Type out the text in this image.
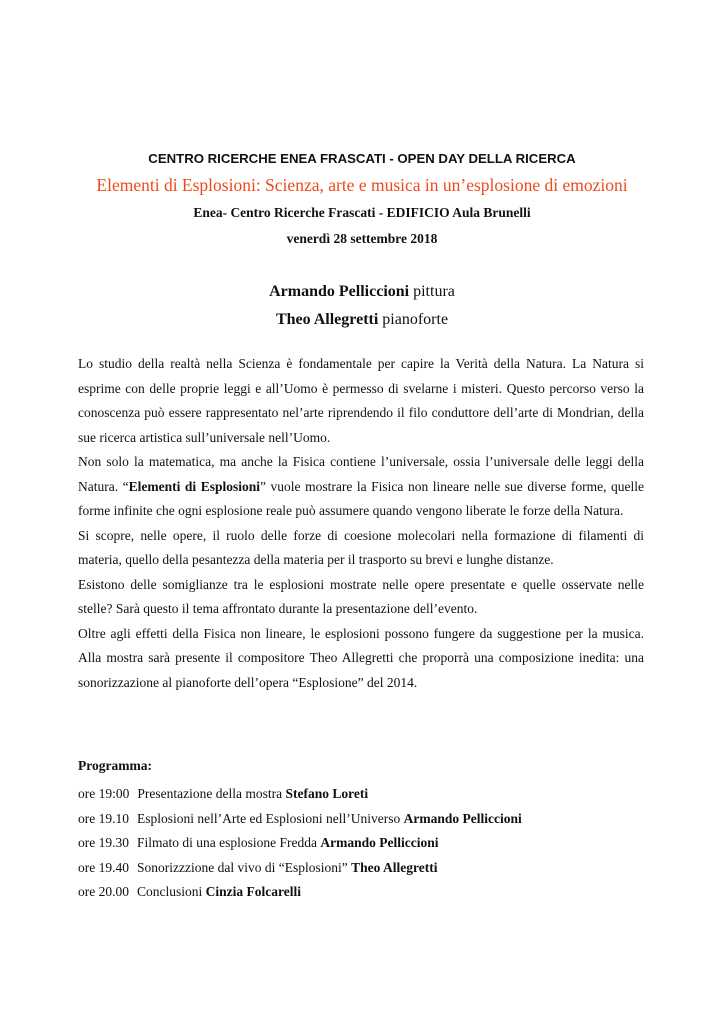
CENTRO RICERCHE ENEA FRASCATI - OPEN DAY DELLA RICERCA
Elementi di Esplosioni: Scienza, arte e musica in un’esplosione di emozioni
Enea- Centro Ricerche Frascati - EDIFICIO Aula Brunelli
venerdì 28 settembre 2018
Armando Pelliccioni pittura
Theo Allegretti pianoforte

Lo studio della realtà nella Scienza è fondamentale per capire la Verità della Natura. La Natura si esprime con delle proprie leggi e all’Uomo è permesso di svelarne i misteri. Questo percorso verso la conoscenza può essere rappresentato nel’arte riprendendo il filo conduttore dell’arte di Mondrian, della sue ricerca artistica sull’universale nell’Uomo.

Non solo la matematica, ma anche la Fisica contiene l’universale, ossia l’universale delle leggi della Natura. “Elementi di Esplosioni” vuole mostrare la Fisica non lineare nelle sue diverse forme, quelle forme infinite che ogni esplosione reale può assumere quando vengono liberate le forze della Natura.

Si scopre, nelle opere, il ruolo delle forze di coesione molecolari nella formazione di filamenti di materia, quello della pesantezza della materia per il trasporto su brevi e lunghe distanze.

Esistono delle somiglianze tra le esplosioni mostrate nelle opere presentate e quelle osservate nelle stelle? Sarà questo il tema affrontato durante la presentazione dell’evento.

Oltre agli effetti della Fisica non lineare, le esplosioni possono fungere da suggestione per la musica. Alla mostra sarà presente il compositore Theo Allegretti che proporrà una composizione inedita: una sonorizzazione al pianoforte dell’opera “Esplosione” del 2014.

Programma:
ore 19:00 Presentazione della mostra Stefano Loreti
ore 19.10 Esplosioni nell’Arte ed Esplosioni nell’Universo Armando Pelliccioni
ore 19.30 Filmato di una esplosione Fredda Armando Pelliccioni
ore 19.40 Sonorizzzione dal vivo di “Esplosioni” Theo Allegretti
ore 20.00 Conclusioni Cinzia Folcarelli
